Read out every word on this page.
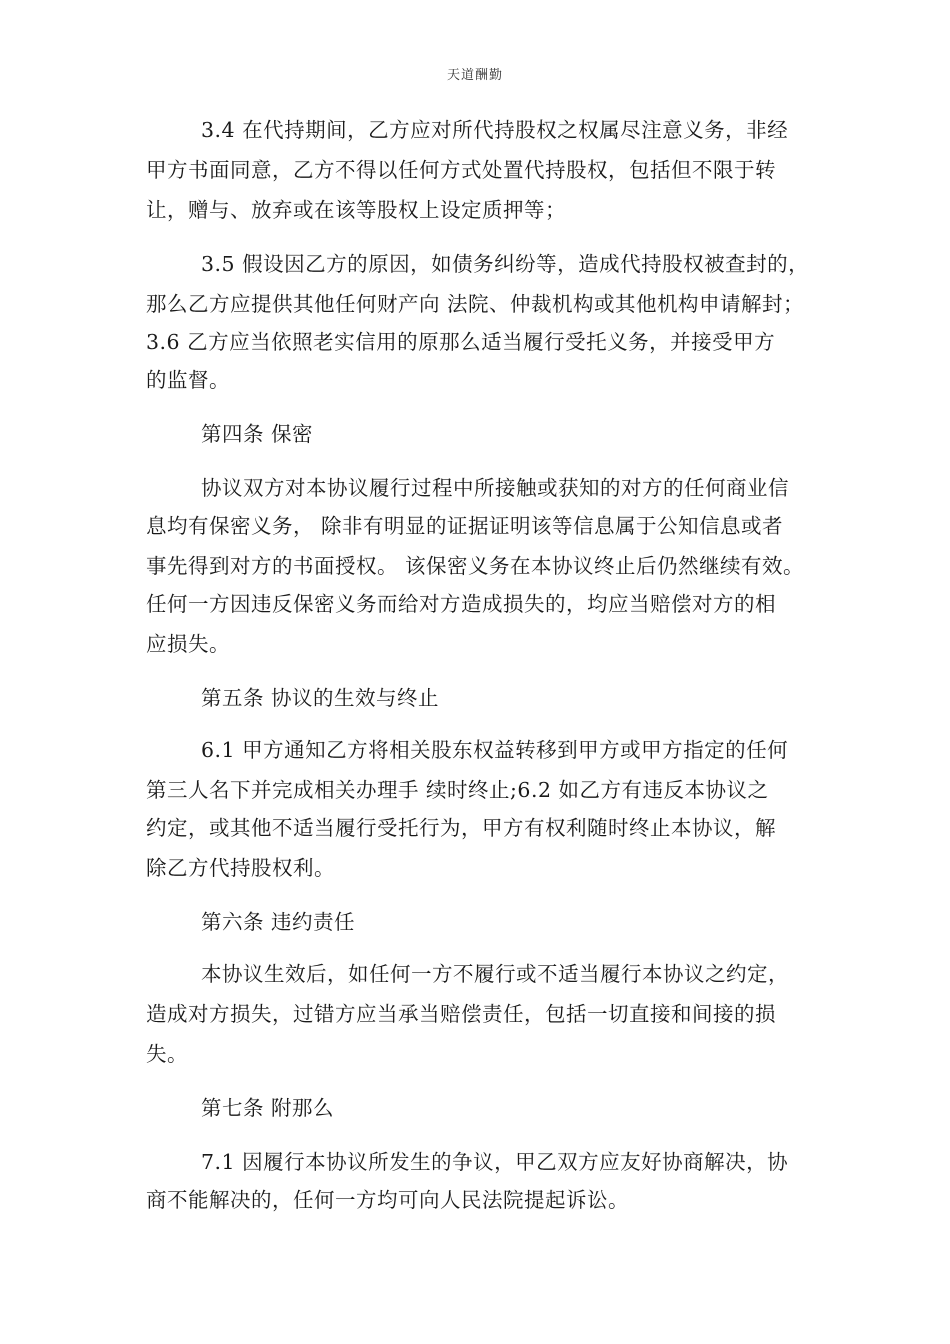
天道酬勤
3.4 在代持期间，乙方应对所代持股权之权属尽注意义务，非经
甲方书面同意，乙方不得以任何方式处置代持股权，包括但不限于转
让，赠与、放弃或在该等股权上设定质押等；
3.5 假设因乙方的原因，如债务纠纷等，造成代持股权被查封的，
那么乙方应提供其他任何财产向 法院、仲裁机构或其他机构申请解封；
3.6 乙方应当依照老实信用的原那么适当履行受托义务，并接受甲方
的监督。
第四条 保密
协议双方对本协议履行过程中所接触或获知的对方的任何商业信
息均有保密义务， 除非有明显的证据证明该等信息属于公知信息或者
事先得到对方的书面授权。 该保密义务在本协议终止后仍然继续有效。
任何一方因违反保密义务而给对方造成损失的，均应当赔偿对方的相
应损失。
第五条 协议的生效与终止
6.1 甲方通知乙方将相关股东权益转移到甲方或甲方指定的任何
第三人名下并完成相关办理手 续时终止;6.2 如乙方有违反本协议之
约定，或其他不适当履行受托行为，甲方有权利随时终止本协议，解
除乙方代持股权利。
第六条 违约责任
本协议生效后，如任何一方不履行或不适当履行本协议之约定，
造成对方损失，过错方应当承当赔偿责任，包括一切直接和间接的损
失。
第七条 附那么
7.1 因履行本协议所发生的争议，甲乙双方应友好协商解决，协
商不能解决的，任何一方均可向人民法院提起诉讼。
